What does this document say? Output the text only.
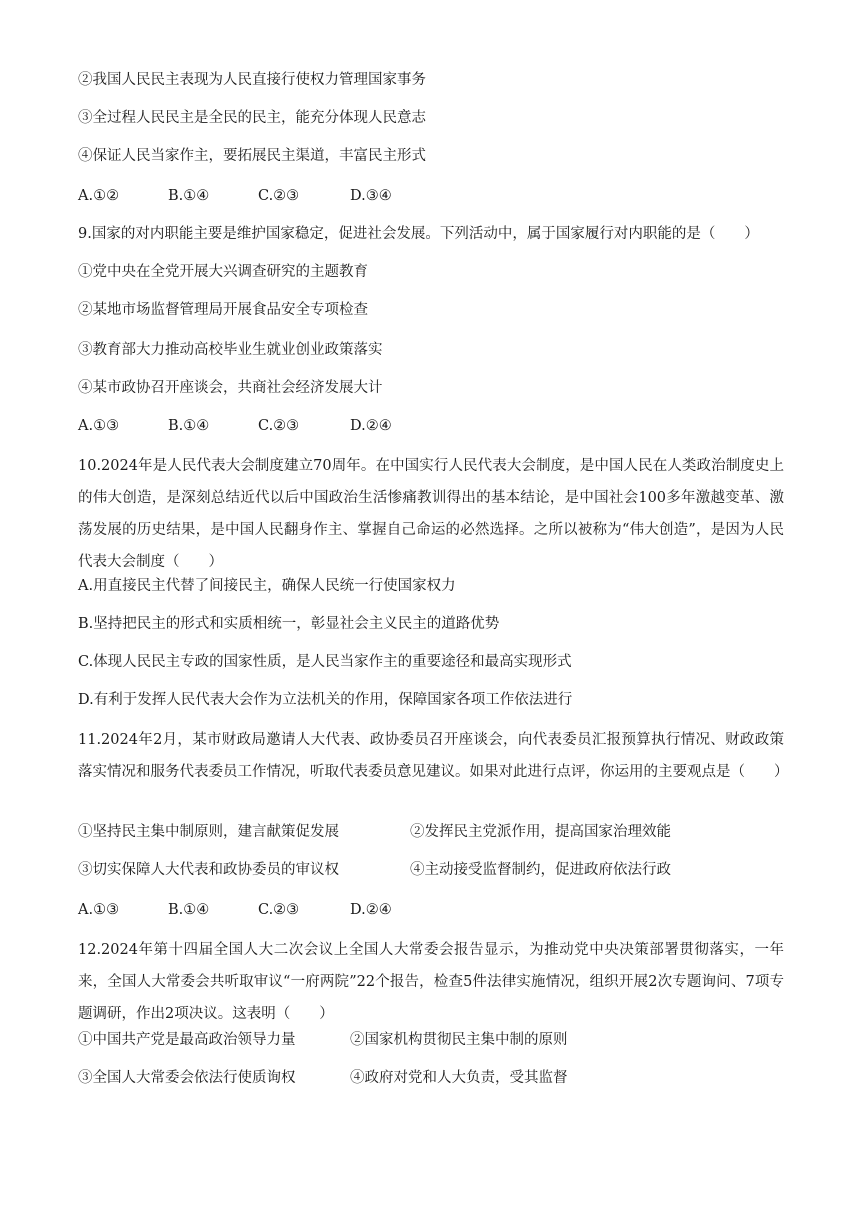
②我国人民民主表现为人民直接行使权力管理国家事务
③全过程人民民主是全民的民主，能充分体现人民意志
④保证人民当家作主，要拓展民主渠道，丰富民主形式
A.①②	B.①④	C.②③	D.③④
9.国家的对内职能主要是维护国家稳定，促进社会发展。下列活动中，属于国家履行对内职能的是（　　）
①党中央在全党开展大兴调查研究的主题教育
②某地市场监督管理局开展食品安全专项检查
③教育部大力推动高校毕业生就业创业政策落实
④某市政协召开座谈会，共商社会经济发展大计
A.①③	B.①④	C.②③	D.②④
10.2024年是人民代表大会制度建立70周年。在中国实行人民代表大会制度，是中国人民在人类政治制度史上的伟大创造，是深刻总结近代以后中国政治生活惨痛教训得出的基本结论，是中国社会100多年激越变革、激荡发展的历史结果，是中国人民翻身作主、掌握自己命运的必然选择。之所以被称为“伟大创造”，是因为人民代表大会制度（　　）
A.用直接民主代替了间接民主，确保人民统一行使国家权力
B.坚持把民主的形式和实质相统一，彰显社会主义民主的道路优势
C.体现人民民主专政的国家性质，是人民当家作主的重要途径和最高实现形式
D.有利于发挥人民代表大会作为立法机关的作用，保障国家各项工作依法进行
11.2024年2月，某市财政局邀请人大代表、政协委员召开座谈会，向代表委员汇报预算执行情况、财政政策落实情况和服务代表委员工作情况，听取代表委员意见建议。如果对此进行点评，你运用的主要观点是（　　）
①坚持民主集中制原则，建言献策促发展	②发挥民主党派作用，提高国家治理效能
③切实保障人大代表和政协委员的审议权	④主动接受监督制约，促进政府依法行政
A.①③	B.①④	C.②③	D.②④
12.2024年第十四届全国人大二次会议上全国人大常委会报告显示，为推动党中央决策部署贯彻落实，一年来，全国人大常委会共听取审议“一府两院”22个报告，检查5件法律实施情况，组织开展2次专题询问、7项专题调研，作出2项决议。这表明（　　）
①中国共产党是最高政治领导力量	②国家机构贯彻民主集中制的原则
③全国人大常委会依法行使质询权	④政府对党和人大负责，受其监督
